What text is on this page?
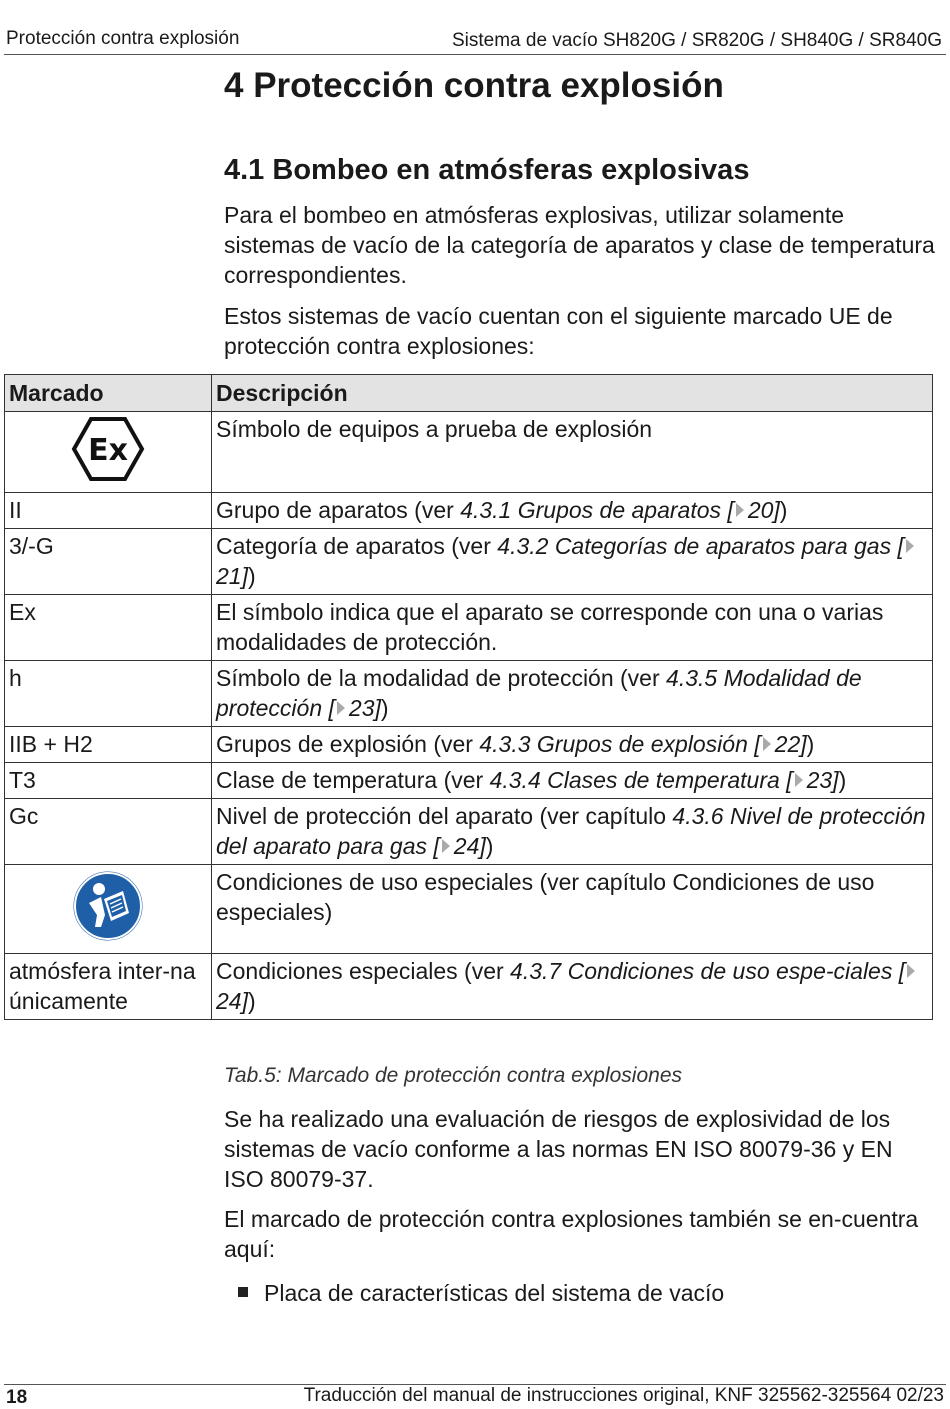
Protección contra explosión	Sistema de vacío SH820G / SR820G / SH840G / SR840G
4 Protección contra explosión
4.1 Bombeo en atmósferas explosivas

Para el bombeo en atmósferas explosivas, utilizar solamente sistemas de vacío de la categoría de aparatos y clase de temperatura correspondientes.

Estos sistemas de vacío cuentan con el siguiente marcado UE de protección contra explosiones:

Marcado	Descripción

Ex	Símbolo de equipos a prueba de explosión
II	Grupo de aparatos (ver 4.3.1 Grupos de aparatos [ 20])
3/-G	Categoría de aparatos (ver 4.3.2 Categorías de aparatos para gas [21])
Ex	El símbolo indica que el aparato se corresponde con una o varias modalidades de protección.
h	Símbolo de la modalidad de protección (ver 4.3.5 Modalidad de protección [ 23])
IIB + H2	Grupos de explosión (ver 4.3.3 Grupos de explosión [ 22])
T3	Clase de temperatura (ver 4.3.4 Clases de temperatura [ 23])
Gc	Nivel de protección del aparato (ver capítulo 4.3.6 Nivel de protección del aparato para gas [ 24])
	Condiciones de uso especiales (ver capítulo Condiciones de uso especiales)
atmósfera inter-na únicamente	Condiciones especiales (ver 4.3.7 Condiciones de uso espe-ciales [24])
Tab.5: Marcado de protección contra explosiones

Se ha realizado una evaluación de riesgos de explosividad de los sistemas de vacío conforme a las normas EN ISO 80079-36 y EN ISO 80079-37.

El marcado de protección contra explosiones también se en-cuentra aquí:

Placa de características del sistema de vacío
18	Traducción del manual de instrucciones original, KNF 325562-325564 02/23
